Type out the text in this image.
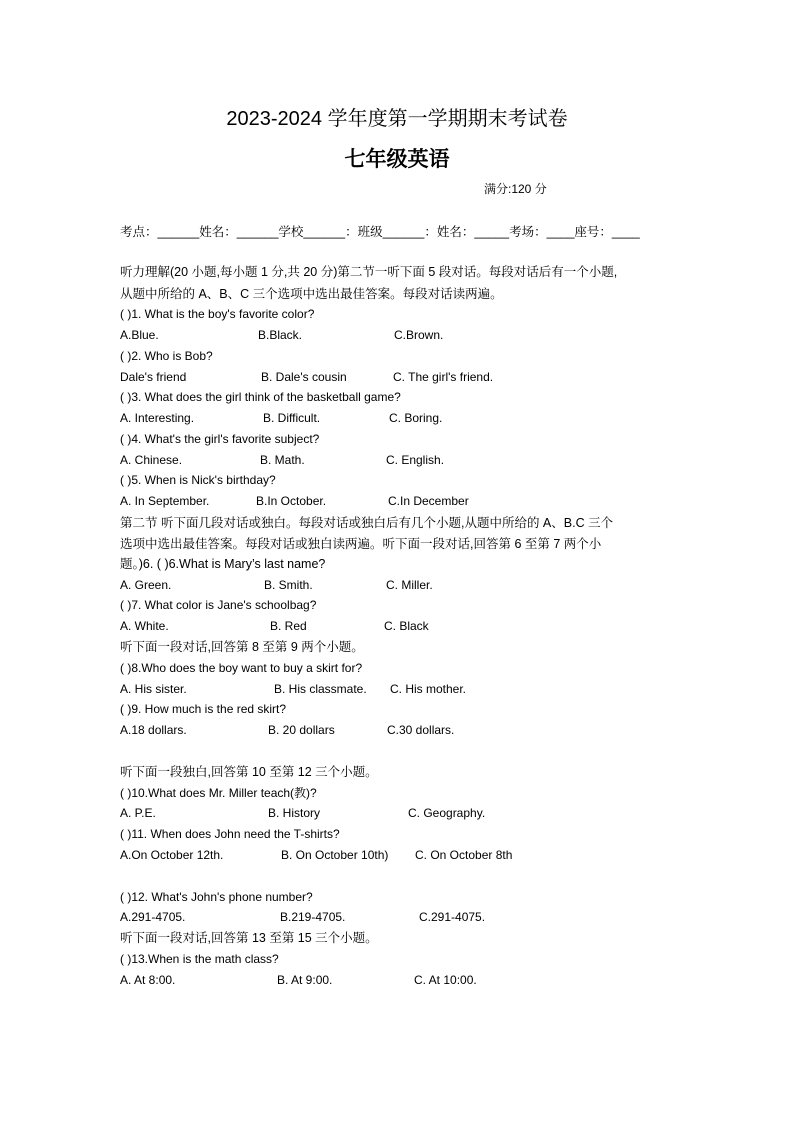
2023-2024 学年度第一学期期末考试卷
七年级英语
满分:120 分
考点：______姓名：______学校______：班级______：姓名：_____考场：____座号：____
听力理解(20 小题,每小题 1 分,共 20 分)第二节一听下面 5 段对话。每段对话后有一个小题,
从题中所给的 A、B、C 三个选项中选出最佳答案。每段对话读两遍。
( )1. What is the boy's favorite color?
A.Blue.	B.Black.	C.Brown.
( )2. Who is Bob?
Dale's friend	B. Dale's cousin	C. The girl's friend.
( )3. What does the girl think of the basketball game?
A. Interesting.	B. Difficult.	C. Boring.
( )4. What's the girl's favorite subject?
A. Chinese.	B. Math.	C. English.
( )5. When is Nick's birthday?
A. In September.	B.In October.	C.In December
第二节 听下面几段对话或独白。每段对话或独白后有几个小题,从题中所给的 A、B.C 三个
选项中选出最佳答案。每段对话或独白读两遍。听下面一段对话,回答第 6 至第 7 两个小
题。)6. ( )6.What is Mary’s last name?
A. Green.	B. Smith.	C. Miller.
( )7. What color is Jane's schoolbag?
A. White.	B. Red	C. Black
听下面一段对话,回答第 8 至第 9 两个小题。
( )8.Who does the boy want to buy a skirt for?
A. His sister.	B. His classmate. C. His mother.
( )9. How much is the red skirt?
A.18 dollars.	B. 20 dollars	C.30 dollars.
听下面一段独白,回答第 10 至第 12 三个小题。
( )10.What does Mr. Miller teach(教)?
A. P.E.	B. History	C. Geography.
( )11. When does John need the T-shirts?
A.On October 12th.	B. On October 10th) C. On October 8th
( )12. What's John's phone number?
A.291-4705.	B.219-4705.	C.291-4075.
听下面一段对话,回答第 13 至第 15 三个小题。
( )13.When is the math class?
A. At 8:00.	B. At 9:00.	C. At 10:00.
